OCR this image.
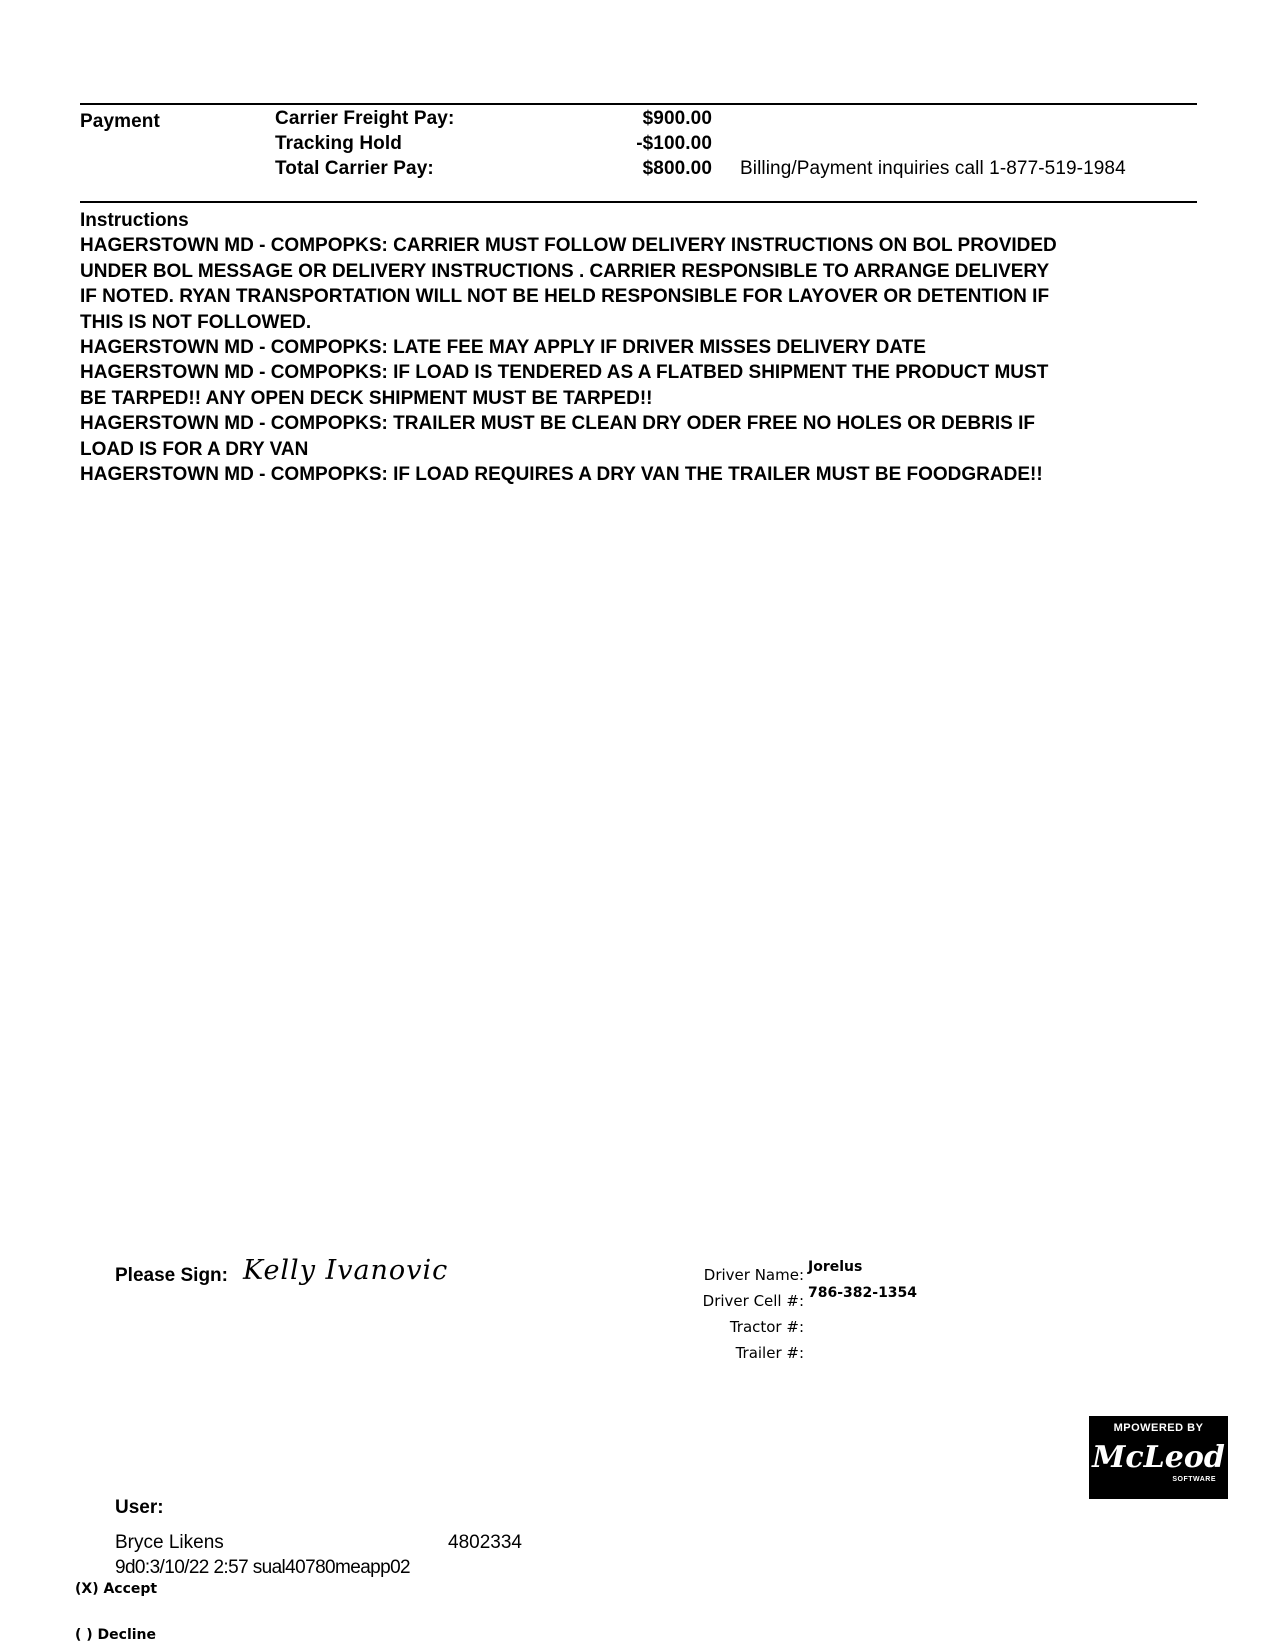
Payment	Carrier Freight Pay:	$900.00
Tracking Hold	-$100.00
Total Carrier Pay:	$800.00 Billing/Payment inquiries call 1-877-519-1984
Instructions
HAGERSTOWN MD - COMPOPKS: CARRIER MUST FOLLOW DELIVERY INSTRUCTIONS ON BOL PROVIDED
UNDER BOL MESSAGE OR DELIVERY INSTRUCTIONS . CARRIER RESPONSIBLE TO ARRANGE DELIVERY
IF NOTED. RYAN TRANSPORTATION WILL NOT BE HELD RESPONSIBLE FOR LAYOVER OR DETENTION IF
THIS IS NOT FOLLOWED.
HAGERSTOWN MD - COMPOPKS: LATE FEE MAY APPLY IF DRIVER MISSES DELIVERY DATE
HAGERSTOWN MD - COMPOPKS: IF LOAD IS TENDERED AS A FLATBED SHIPMENT THE PRODUCT MUST
BE TARPED!! ANY OPEN DECK SHIPMENT MUST BE TARPED!!
HAGERSTOWN MD - COMPOPKS: TRAILER MUST BE CLEAN DRY ODER FREE NO HOLES OR DEBRIS IF
LOAD IS FOR A DRY VAN
HAGERSTOWN MD - COMPOPKS: IF LOAD REQUIRES A DRY VAN THE TRAILER MUST BE FOODGRADE!!
Please Sign: Kelly Ivanovic	Driver Name: Jorelus
Driver Cell #: 786-382-1354
Tractor #:
Trailer #:
MPOWERED BY
McLeod
SOFTWARE
User:
Bryce Likens	4802334
9d0:3/10/22 2:57 sual40780meapp02
(X) Accept
( ) Decline
